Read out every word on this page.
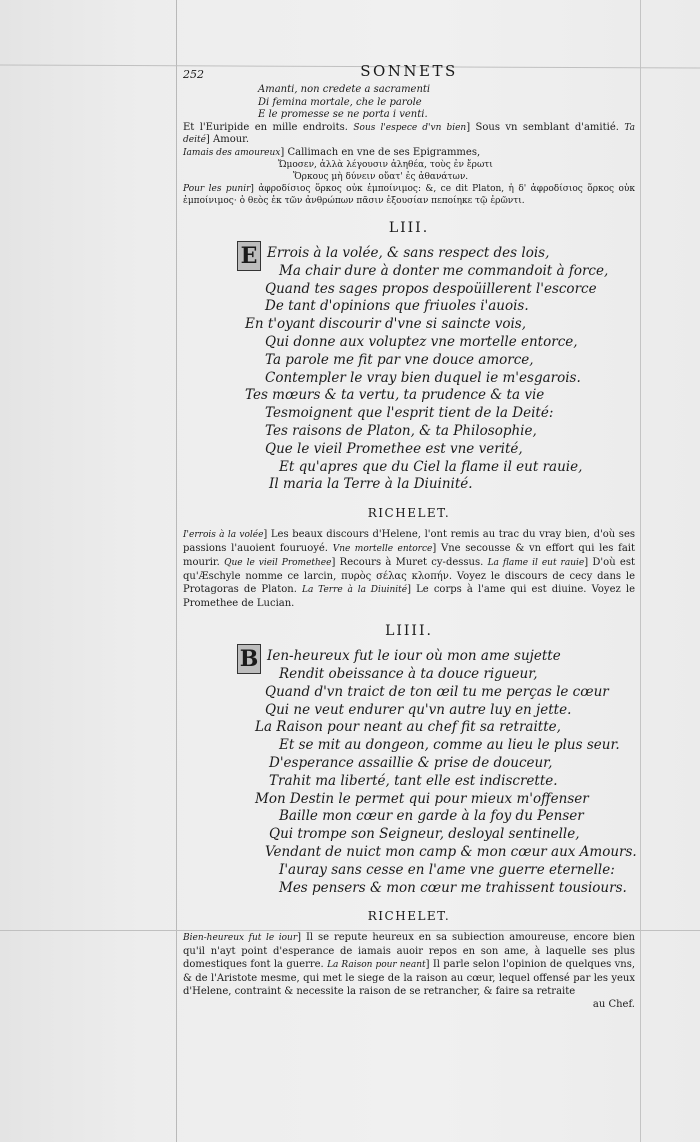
252	SONNETS
Amanti, non credete a sacramenti
Di femina mortale, che le parole
E le promesse se ne porta i venti.
Et l'Euripide en mille endroits. Sous l'espece d'vn bien] Sous vn semblant d'amitié. Ta deité] Amour.
Iamais des amoureux] Callimach en vne de ses Epigrammes,
Ὤμοσεν, ἀλλὰ λέγουσιν ἀληθέα, τοὺς ἐν ἔρωτι
Ὅρκους μὴ δύνειν οὔατ' ἐς ἀθανάτων.
Pour les punir] ἀφροδίσιος ὅρκος οὐκ ἐμποίνιμος: &, ce dit Platon, ἡ δ' ἀφροδίσιος ὅρκος οὐκ ἐμποίνιμος· ὁ θεὸς ἐκ τῶν ἀνθρώπων πᾶσιν ἐξουσίαν πεποίηκε τῷ ἐρῶντι.
LIII.
E Errois à la volée, & sans respect des lois,
Ma chair dure à donter me commandoit à force,
Quand tes sages propos despoüillerent l'escorce
De tant d'opinions que friuoles i'auois.
En t'oyant discourir d'vne si saincte vois,
Qui donne aux voluptez vne mortelle entorce,
Ta parole me fit par vne douce amorce,
Contempler le vray bien duquel ie m'esgarois.
Tes mœurs & ta vertu, ta prudence & ta vie
Tesmoignent que l'esprit tient de la Deité:
Tes raisons de Platon, & ta Philosophie,
Que le vieil Promethee est vne verité,
Et qu'apres que du Ciel la flame il eut rauie,
Il maria la Terre à la Diuinité.
RICHELET.
I'errois à la volée] Les beaux discours d'Helene, l'ont remis au trac du vray bien, d'où ses passions l'auoient fouruoyé. Vne mortelle entorce] Vne secousse & vn effort qui les fait mourir. Que le vieil Promethee] Recours à Muret cy-dessus. La flame il eut rauie] D'où est qu'Æschyle nomme ce larcin, πυρὸς σέλας κλοπήν. Voyez le discours de cecy dans le Protagoras de Platon. La Terre à la Diuinité] Le corps à l'ame qui est diuine. Voyez le Promethee de Lucian.
LIIII.
B Ien-heureux fut le iour où mon ame sujette
Rendit obeissance à ta douce rigueur,
Quand d'vn traict de ton œil tu me perças le cœur
Qui ne veut endurer qu'vn autre luy en jette.
La Raison pour neant au chef fit sa retraitte,
Et se mit au dongeon, comme au lieu le plus seur.
D'esperance assaillie & prise de douceur,
Trahit ma liberté, tant elle est indiscrette.
Mon Destin le permet qui pour mieux m'offenser
Baille mon cœur en garde à la foy du Penser
Qui trompe son Seigneur, desloyal sentinelle,
Vendant de nuict mon camp & mon cœur aux Amours.
I'auray sans cesse en l'ame vne guerre eternelle:
Mes pensers & mon cœur me trahissent tousiours.
RICHELET.
Bien-heureux fut le iour] Il se repute heureux en sa subiection amoureuse, encore bien qu'il n'ayt point d'esperance de iamais auoir repos en son ame, à laquelle ses plus domestiques font la guerre. La Raison pour neant] Il parle selon l'opinion de quelques vns, & de l'Aristote mesme, qui met le siege de la raison au cœur, lequel offensé par les yeux d'Helene, contraint & necessite la raison de se retrancher, & faire sa retraite
au Chef.
